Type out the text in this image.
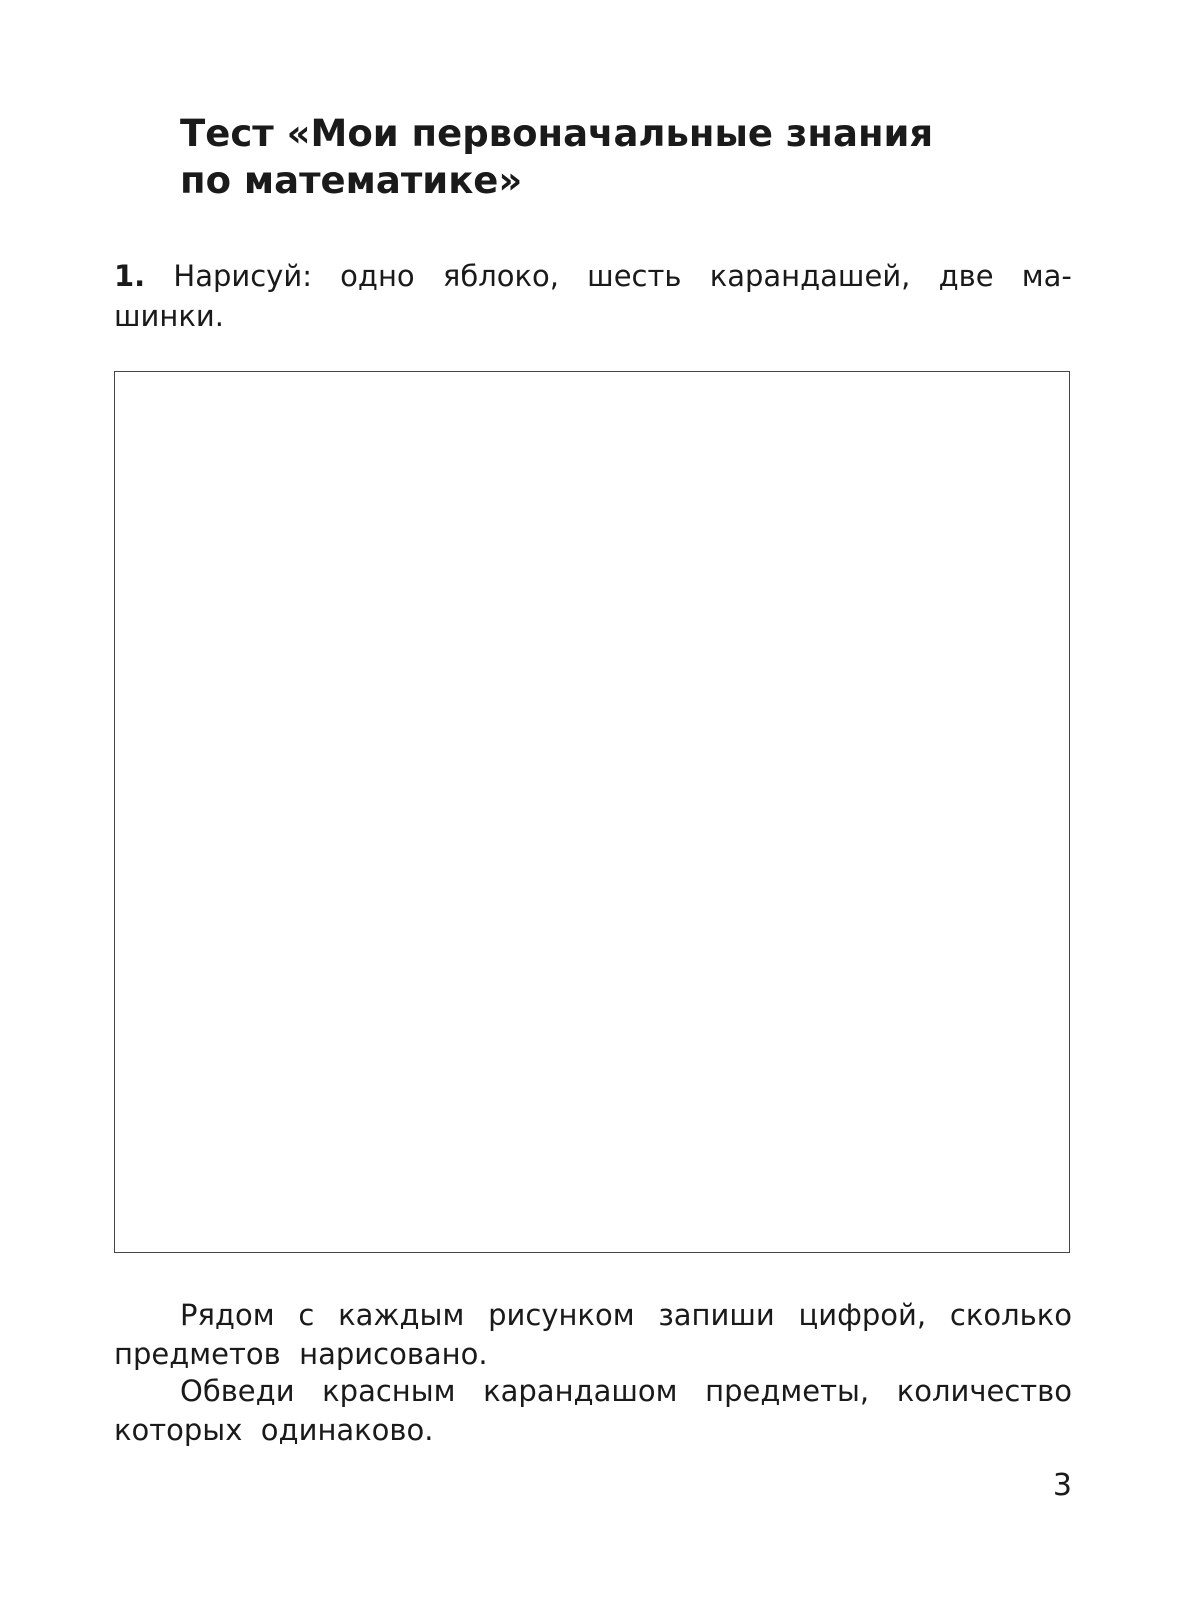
Тест «Мои первоначальные знания
по математике»
1. Нарисуй: одно яблоко, шесть карандашей, две ма-
шинки.
Рядом с каждым рисунком запиши цифрой, сколько
предметов  нарисовано.
Обведи красным карандашом предметы, количество
которых  одинаково.
3
